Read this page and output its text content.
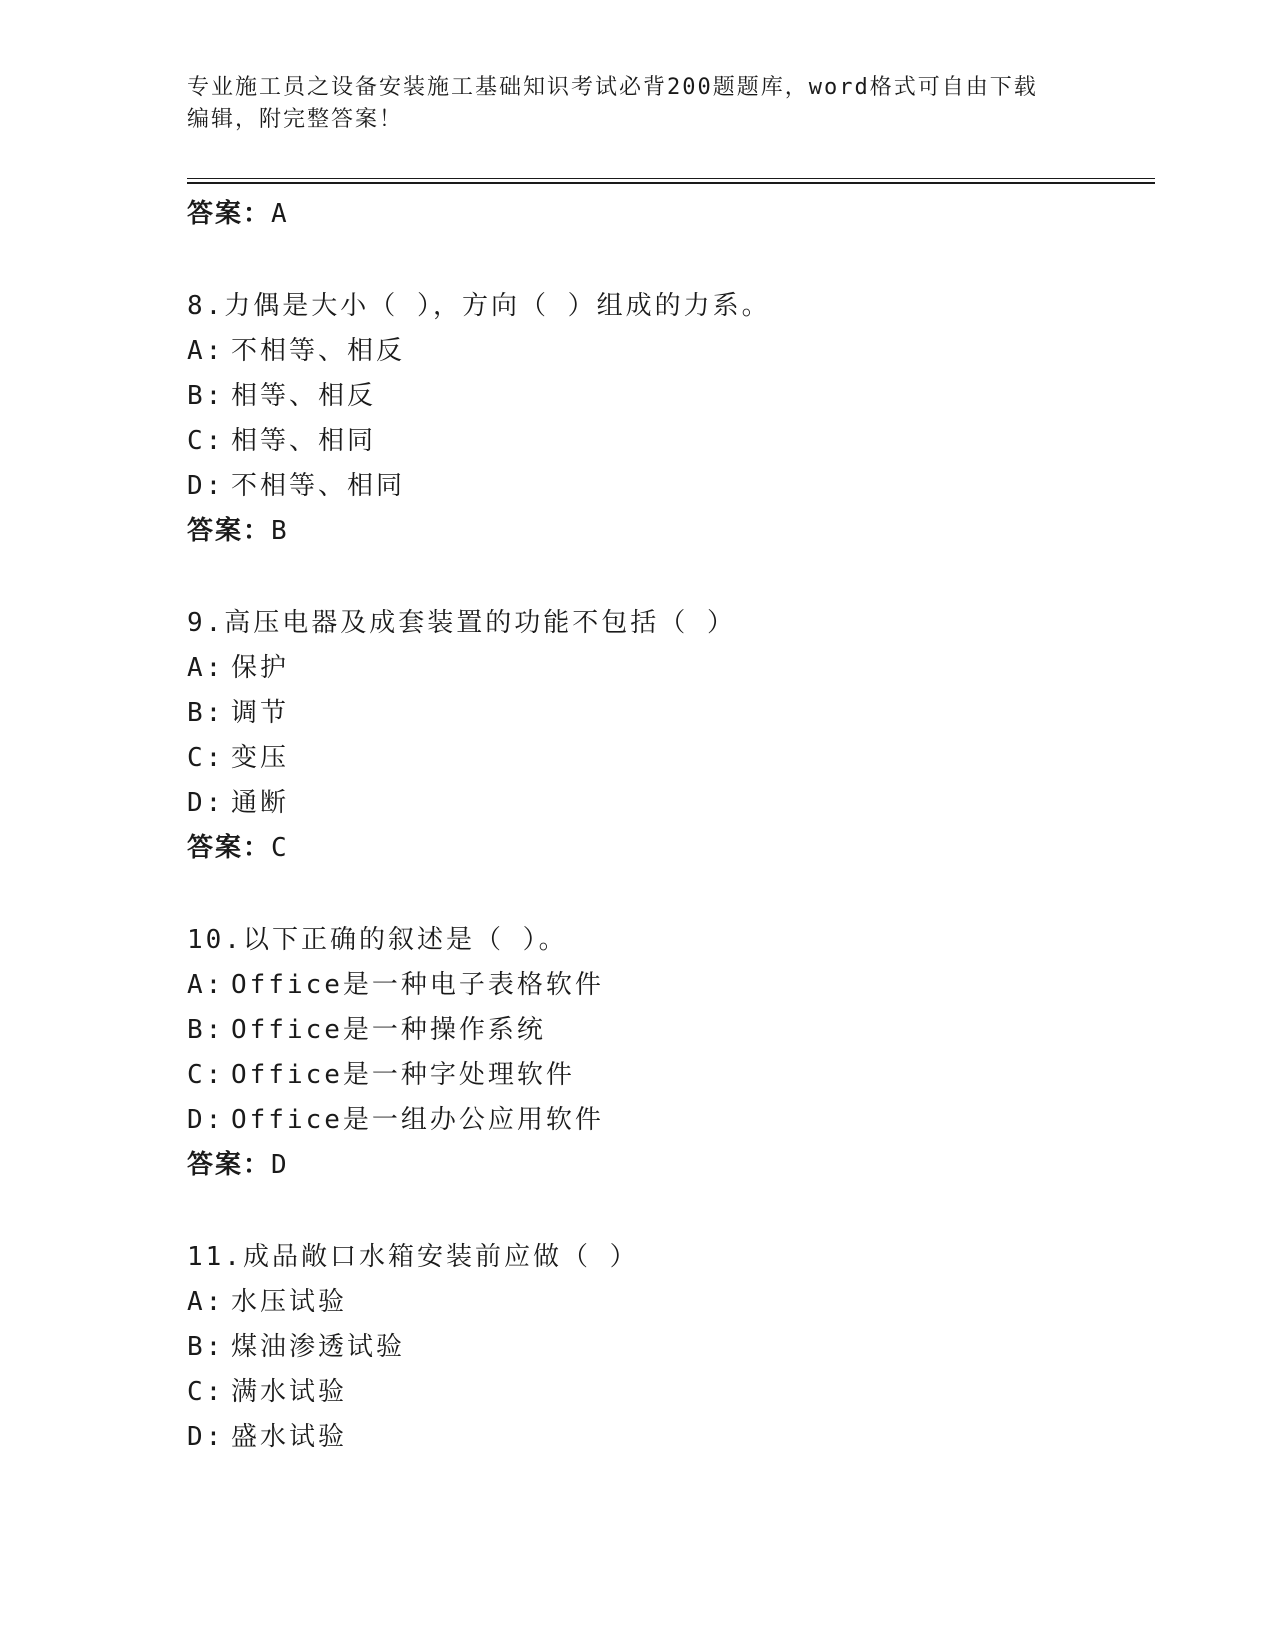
专业施工员之设备安装施工基础知识考试必背200题题库，word格式可自由下载
编辑，附完整答案！
答案：A
8.力偶是大小（ ），方向（ ）组成的力系。
A: 不相等、相反
B: 相等、相反
C: 相等、相同
D: 不相等、相同
答案：B
9.高压电器及成套装置的功能不包括（ ）
A: 保护
B: 调节
C: 变压
D: 通断
答案：C
10.以下正确的叙述是（ ）。
A: Office是一种电子表格软件
B: Office是一种操作系统
C: Office是一种字处理软件
D: Office是一组办公应用软件
答案：D
11.成品敞口水箱安装前应做（ ）
A: 水压试验
B: 煤油渗透试验
C: 满水试验
D: 盛水试验
